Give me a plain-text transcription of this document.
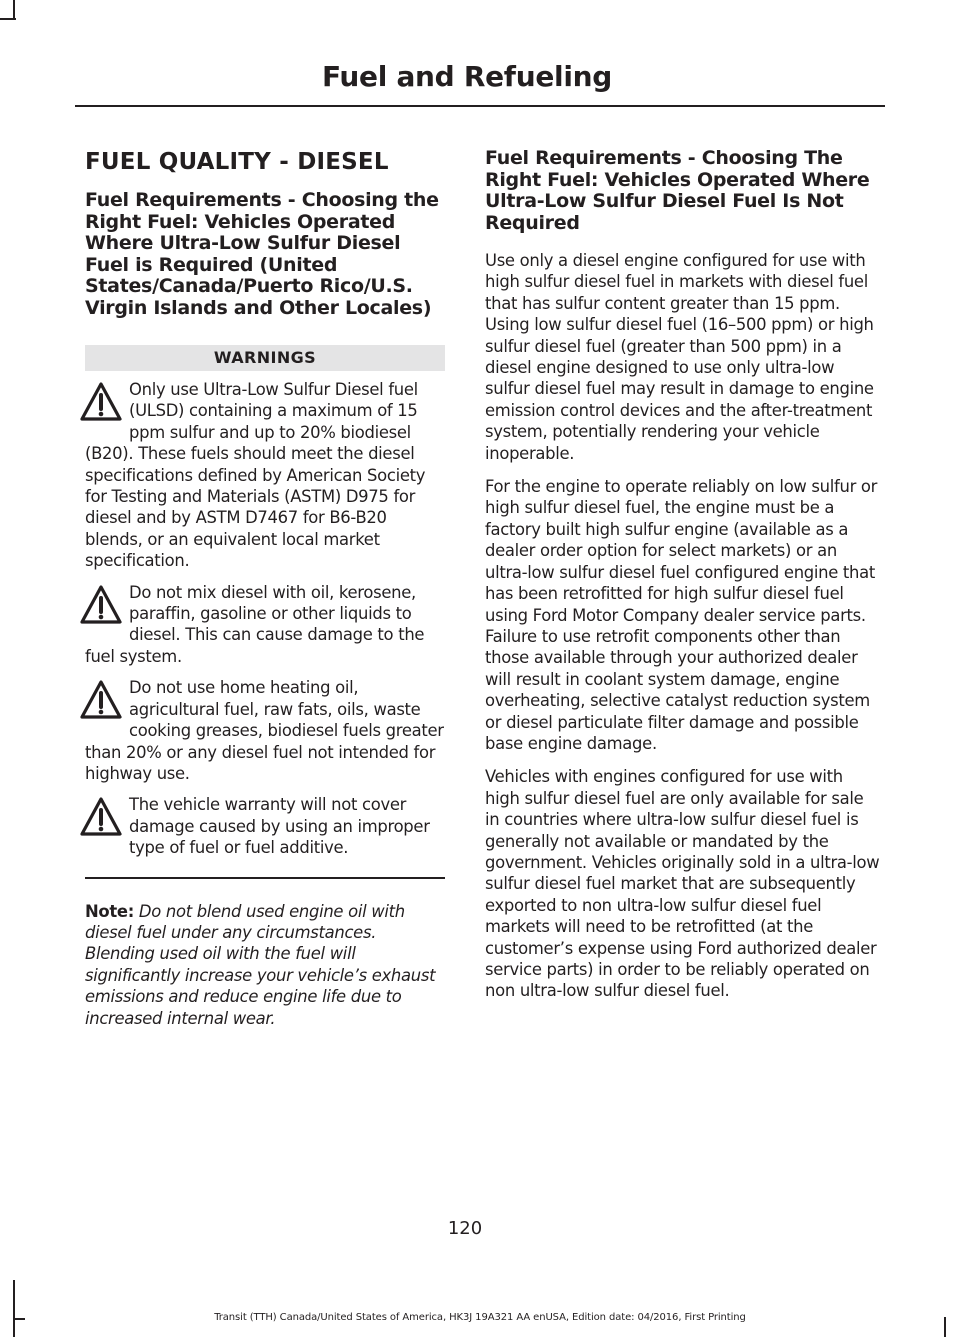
Fuel and Refueling
FUEL QUALITY - DIESEL
Fuel Requirements - Choosing the Right Fuel: Vehicles Operated Where Ultra-Low Sulfur Diesel Fuel is Required (United States/Canada/Puerto Rico/U.S. Virgin Islands and Other Locales)
WARNINGS
Only use Ultra-Low Sulfur Diesel fuel (ULSD) containing a maximum of 15 ppm sulfur and up to 20% biodiesel (B20). These fuels should meet the diesel specifications defined by American Society for Testing and Materials (ASTM) D975 for diesel and by ASTM D7467 for B6-B20 blends, or an equivalent local market specification.
Do not mix diesel with oil, kerosene, paraffin, gasoline or other liquids to diesel. This can cause damage to the fuel system.
Do not use home heating oil, agricultural fuel, raw fats, oils, waste cooking greases, biodiesel fuels greater than 20% or any diesel fuel not intended for highway use.
The vehicle warranty will not cover damage caused by using an improper type of fuel or fuel additive.
Note: Do not blend used engine oil with diesel fuel under any circumstances. Blending used oil with the fuel will significantly increase your vehicle’s exhaust emissions and reduce engine life due to increased internal wear.
Fuel Requirements - Choosing The Right Fuel: Vehicles Operated Where Ultra-Low Sulfur Diesel Fuel Is Not Required

Use only a diesel engine configured for use with high sulfur diesel fuel in markets with diesel fuel that has sulfur content greater than 15 ppm. Using low sulfur diesel fuel (16–500 ppm) or high sulfur diesel fuel (greater than 500 ppm) in a diesel engine designed to use only ultra-low sulfur diesel fuel may result in damage to engine emission control devices and the after-treatment system, potentially rendering your vehicle inoperable.

For the engine to operate reliably on low sulfur or high sulfur diesel fuel, the engine must be a factory built high sulfur engine (available as a dealer order option for select markets) or an ultra-low sulfur diesel fuel configured engine that has been retrofitted for high sulfur diesel fuel using Ford Motor Company dealer service parts. Failure to use retrofit components other than those available through your authorized dealer will result in coolant system damage, engine overheating, selective catalyst reduction system or diesel particulate filter damage and possible base engine damage.

Vehicles with engines configured for use with high sulfur diesel fuel are only available for sale in countries where ultra-low sulfur diesel fuel is generally not available or mandated by the government. Vehicles originally sold in a ultra-low sulfur diesel fuel market that are subsequently exported to non ultra-low sulfur diesel fuel markets will need to be retrofitted (at the customer’s expense using Ford authorized dealer service parts) in order to be reliably operated on non ultra-low sulfur diesel fuel.

120
Transit (TTH) Canada/United States of America, HK3J 19A321 AA enUSA, Edition date: 04/2016, First Printing
